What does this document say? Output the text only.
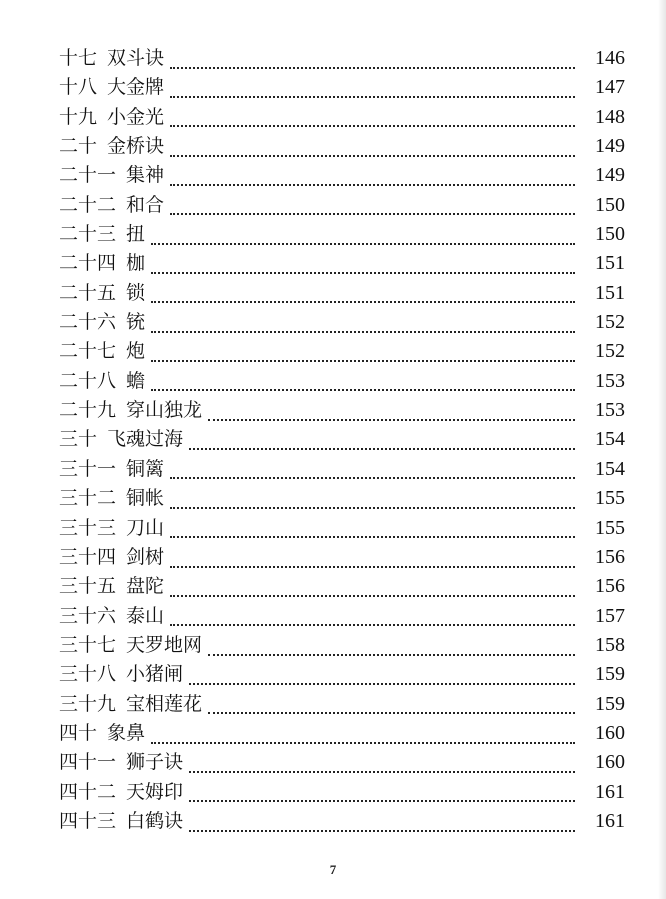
十七 双斗诀	146
十八 大金牌	147
十九 小金光	148
二十 金桥诀	149
二十一 集神	149
二十二 和合	150
二十三 扭	150
二十四 枷	151
二十五 锁	151
二十六 铳	152
二十七 炮	152
二十八 蟾	153
二十九 穿山独龙	153
三十 飞魂过海	154
三十一 铜篱	154
三十二 铜帐	155
三十三 刀山	155
三十四 剑树	156
三十五 盘陀	156
三十六 泰山	157
三十七 天罗地网	158
三十八 小猪闸	159
三十九 宝相莲花	159
四十 象鼻	160
四十一 狮子诀	160
四十二 天姆印	161
四十三 白鹤诀	161
7
